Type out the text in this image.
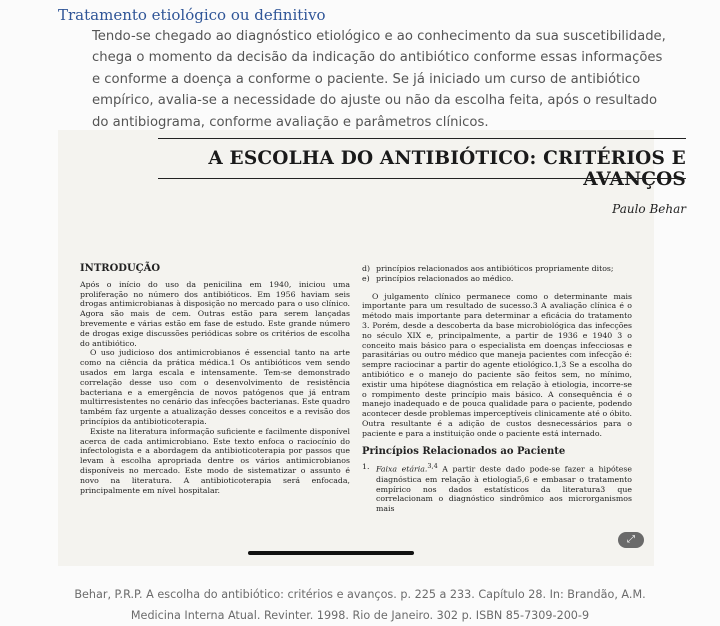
Tratamento etiológico ou definitivo
Tendo-se chegado ao diagnóstico etiológico e ao conhecimento da sua suscetibilidade, chega o momento da decisão da indicação do antibiótico conforme essas informações e conforme a doença a conforme o paciente. Se já iniciado um curso de antibiótico empírico, avalia-se a necessidade do ajuste ou não da escolha feita, após o resultado do antibiograma, conforme avaliação e parâmetros clínicos.
A ESCOLHA DO ANTIBIÓTICO: CRITÉRIOS E AVANÇOS
Paulo Behar
INTRODUÇÃO

Após o início do uso da penicilina em 1940, iniciou uma proliferação no número dos antibióticos. Em 1956 haviam seis drogas antimicrobianas à disposição no mercado para o uso clínico. Agora são mais de cem. Outras estão para serem lançadas brevemente e várias estão em fase de estudo. Este grande número de drogas exige discussões periódicas sobre os critérios de escolha do antibiótico.

O uso judicioso dos antimicrobianos é essencial tanto na arte como na ciência da prática médica.1 Os antibióticos vem sendo usados em larga escala e intensamente. Tem-se demonstrado correlação desse uso com o desenvolvimento de resistência bacteriana e a emergência de novos patógenos que já entram multirresistentes no cenário das infecções bacterianas. Este quadro também faz urgente a atualização desses conceitos e a revisão dos princípios da antibioticoterapia.

Existe na literatura informação suficiente e facilmente disponível acerca de cada antimicrobiano. Este texto enfoca o raciocínio do infectologista e a abordagem da antibioticoterapia por passos que levam à escolha apropriada dentre os vários antimicrobianos disponíveis no mercado. Este modo de sistematizar o assunto é novo na literatura. A antibioticoterapia será enfocada, principalmente em nível hospitalar.

d) princípios relacionados aos antibióticos propriamente ditos;
e) princípios relacionados ao médico.

O julgamento clínico permanece como o determinante mais importante para um resultado de sucesso.3 A avaliação clínica é o método mais importante para determinar a eficácia do tratamento 3. Porém, desde a descoberta da base microbiológica das infecções no século XIX e, principalmente, a partir de 1936 e 1940 3 o conceito mais básico para o especialista em doenças infecciosas e parasitárias ou outro médico que maneja pacientes com infecção é: sempre raciocinar a partir do agente etiológico.1,3 Se a escolha do antibiótico e o manejo do paciente são feitos sem, no mínimo, existir uma hipótese diagnóstica em relação à etiologia, incorre-se o rompimento deste princípio mais básico. A consequência é o manejo inadequado e de pouca qualidade para o paciente, podendo acontecer desde problemas imperceptíveis clinicamente até o óbito. Outra resultante é a adição de custos desnecessários para o paciente e para a instituição onde o paciente está internado.

Princípios Relacionados ao Paciente
1. Faixa etária.$^{3,4}$ A partir deste dado pode-se fazer a hipótese diagnóstica em relação à etiologia5,6 e embasar o tratamento empírico nos dados estatísticos da literatura3 que correlacionam o diagnóstico sindrômico aos microrganismos mais
⤢
Behar, P.R.P. A escolha do antibiótico: critérios e avanços. p. 225 a 233. Capítulo 28. In: Brandão, A.M. Medicina Interna Atual. Revinter. 1998. Rio de Janeiro. 302 p. ISBN 85-7309-200-9
